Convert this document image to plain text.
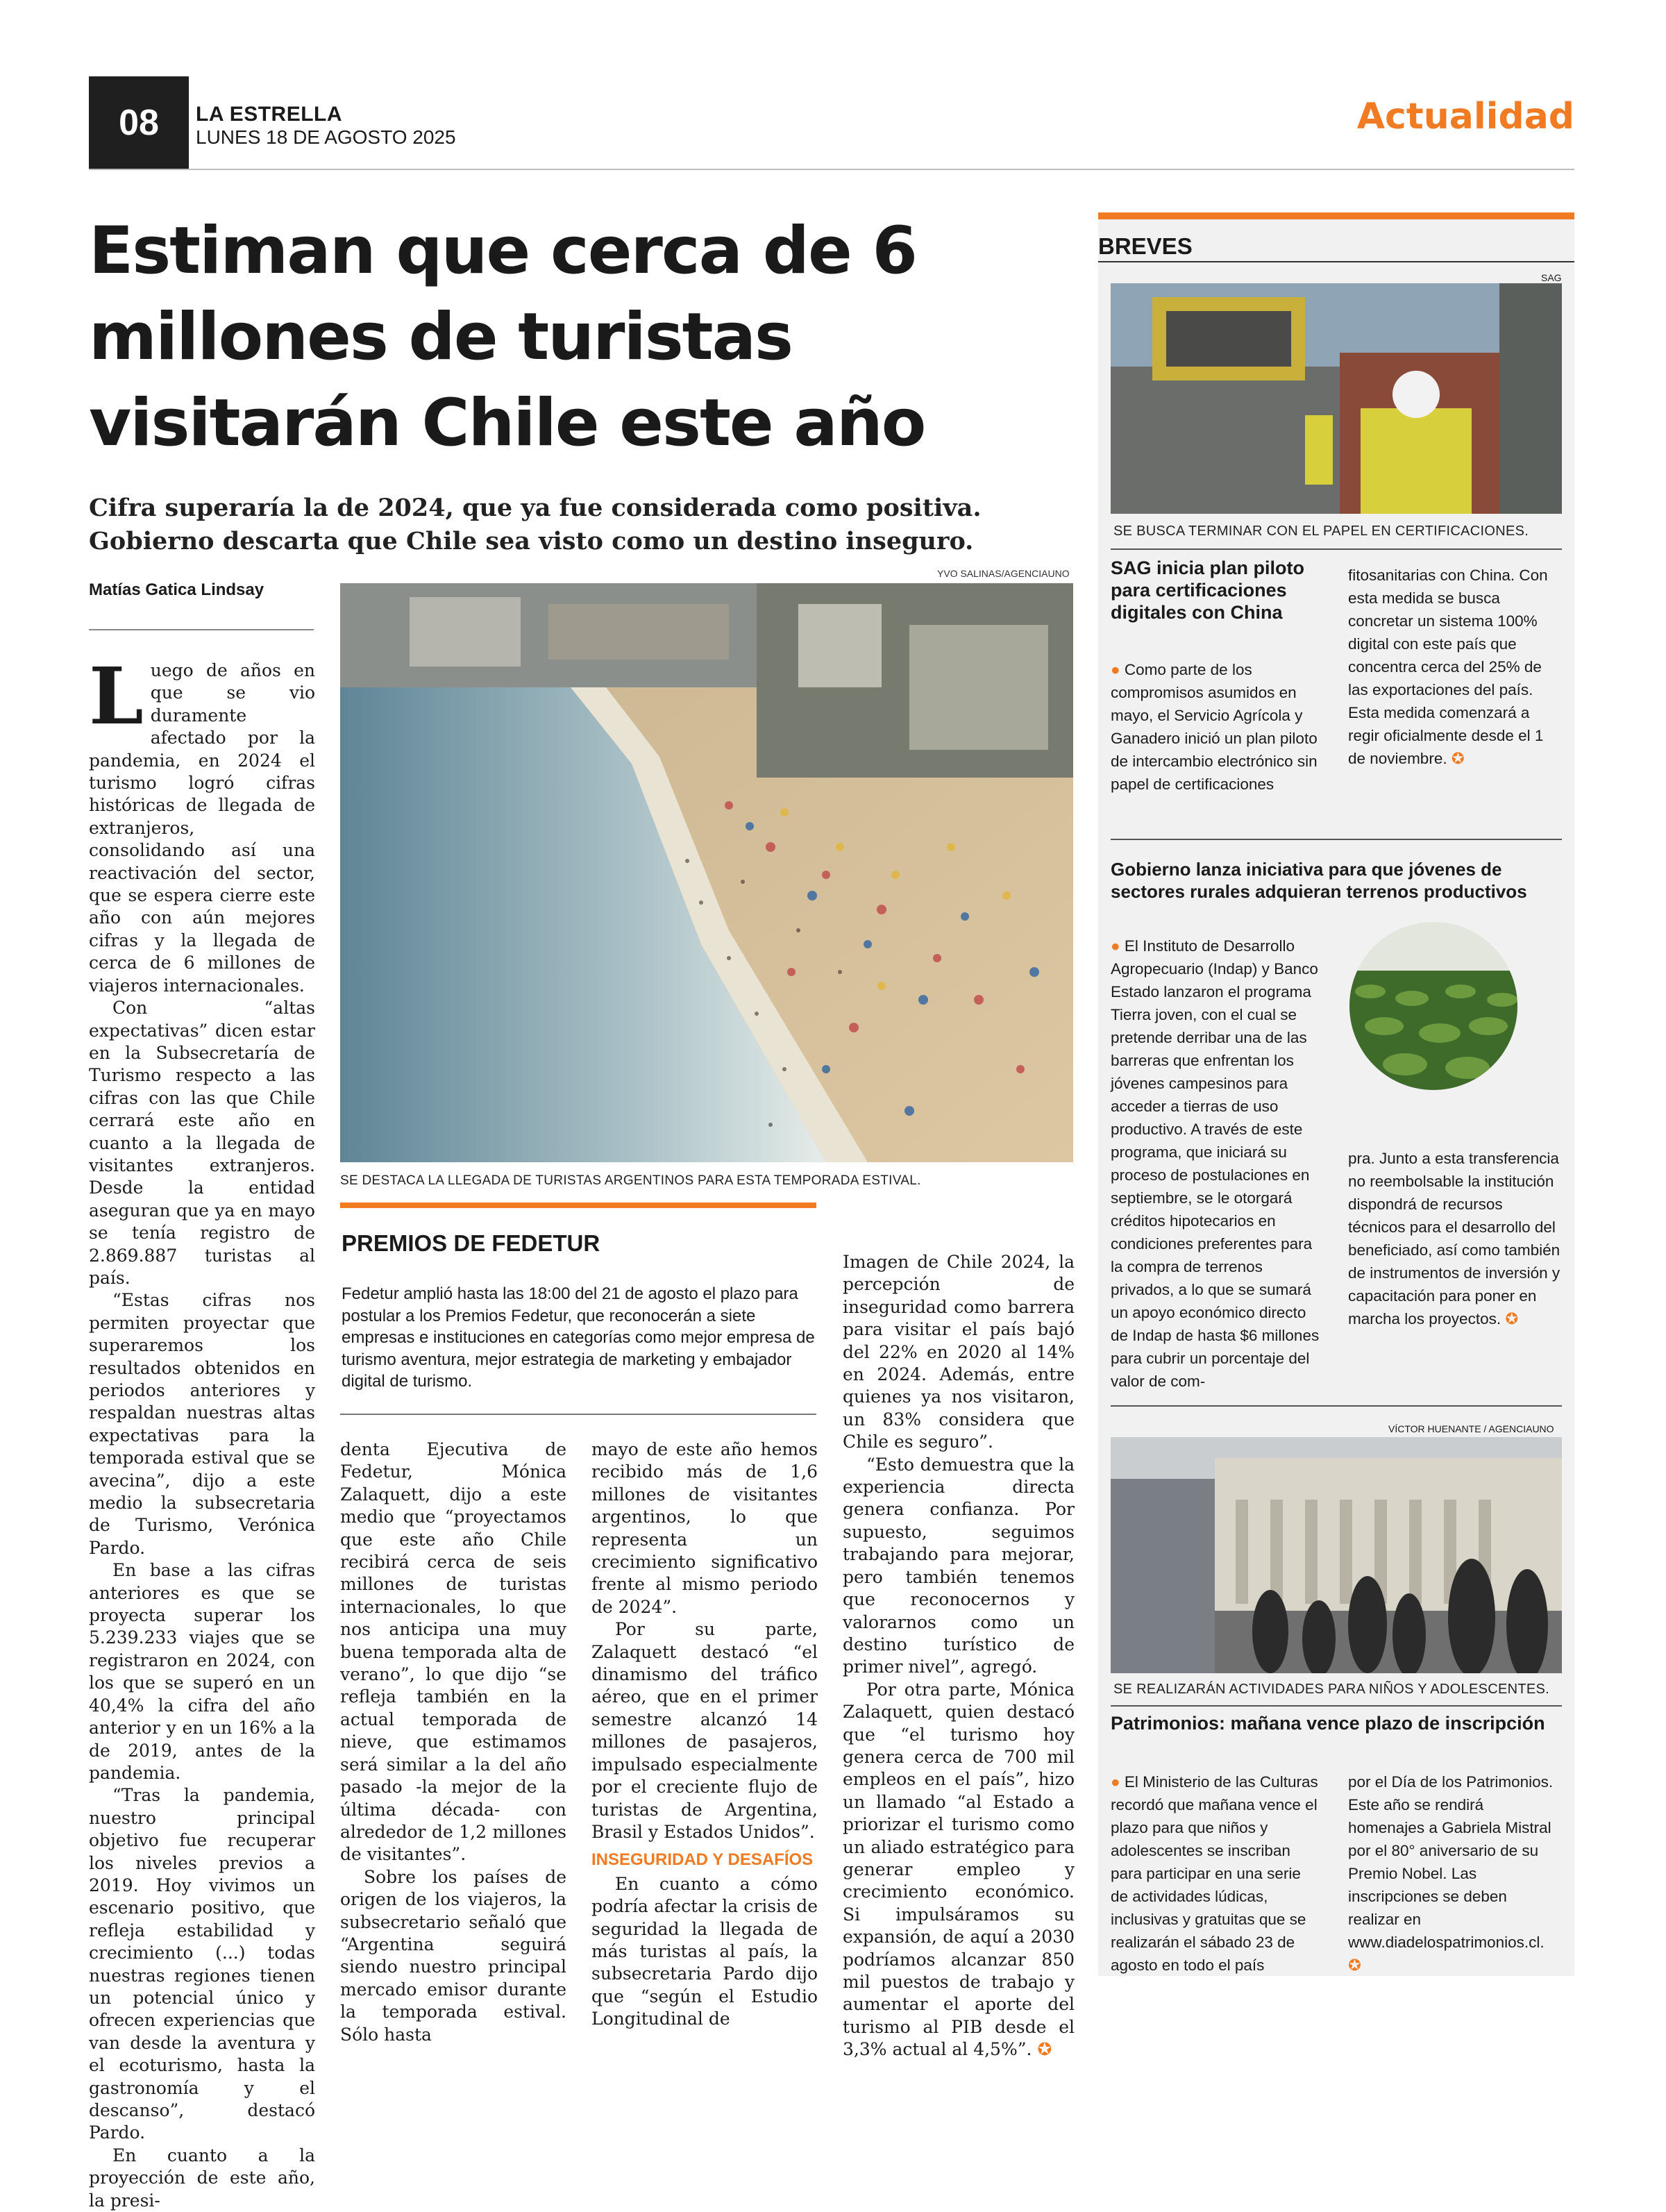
08	LA ESTRELLA
LUNES 18 DE AGOSTO 2025	Actualidad
Estiman que cerca de 6 millones de turistas visitarán Chile este año
Cifra superaría la de 2024, que ya fue considerada como positiva. Gobierno descarta que Chile sea visto como un destino inseguro.
Matías Gatica Lindsay
L uego de años en que se vio duramente afectado por la pandemia, en 2024 el turismo logró cifras históricas de llegada de extranjeros, consolidando así una reactivación del sector, que se espera cierre este año con aún mejores cifras y la llegada de cerca de 6 millones de viajeros internacionales.

Con “altas expectativas” dicen estar en la Subsecretaría de Turismo respecto a las cifras con las que Chile cerrará este año en cuanto a la llegada de visitantes extranjeros. Desde la entidad aseguran que ya en mayo se tenía registro de 2.869.887 turistas al país.

“Estas cifras nos permiten proyectar que superaremos los resultados obtenidos en periodos anteriores y respaldan nuestras altas expectativas para la temporada estival que se avecina”, dijo a este medio la subsecretaria de Turismo, Verónica Pardo.

En base a las cifras anteriores es que se proyecta superar los 5.239.233 viajes que se registraron en 2024, con los que se superó en un 40,4% la cifra del año anterior y en un 16% a la de 2019, antes de la pandemia.

“Tras la pandemia, nuestro principal objetivo fue recuperar los niveles previos a 2019. Hoy vivimos un escenario positivo, que refleja estabilidad y crecimiento (...) todas nuestras regiones tienen un potencial único y ofrecen experiencias que van desde la aventura y el ecoturismo, hasta la gastronomía y el descanso”, destacó Pardo.

En cuanto a la proyección de este año, la presi-

YVO SALINAS/AGENCIAUNO
SE DESTACA LA LLEGADA DE TURISTAS ARGENTINOS PARA ESTA TEMPORADA ESTIVAL.
PREMIOS DE FEDETUR
Fedetur amplió hasta las 18:00 del 21 de agosto el plazo para postular a los Premios Fedetur, que reconocerán a siete empresas e instituciones en categorías como mejor empresa de turismo aventura, mejor estrategia de marketing y embajador digital de turismo.

denta Ejecutiva de Fedetur, Mónica Zalaquett, dijo a este medio que “proyectamos que este año Chile recibirá cerca de seis millones de turistas internacionales, lo que nos anticipa una muy buena temporada alta de verano”, lo que dijo “se refleja también en la actual temporada de nieve, que estimamos será similar a la del año pasado -la mejor de la última década- con alrededor de 1,2 millones de visitantes”.

Sobre los países de origen de los viajeros, la subsecretario señaló que “Argentina seguirá siendo nuestro principal mercado emisor durante la temporada estival. Sólo hasta

mayo de este año hemos recibido más de 1,6 millones de visitantes argentinos, lo que representa un crecimiento significativo frente al mismo periodo de 2024”.

Por su parte, Zalaquett destacó “el dinamismo del tráfico aéreo, que en el primer semestre alcanzó 14 millones de pasajeros, impulsado especialmente por el creciente flujo de turistas de Argentina, Brasil y Estados Unidos”.

INSEGURIDAD Y DESAFÍOS

En cuanto a cómo podría afectar la crisis de seguridad la llegada de más turistas al país, la subsecretaria Pardo dijo que “según el Estudio Longitudinal de

Imagen de Chile 2024, la percepción de inseguridad como barrera para visitar el país bajó del 22% en 2020 al 14% en 2024. Además, entre quienes ya nos visitaron, un 83% considera que Chile es seguro”.

“Esto demuestra que la experiencia directa genera confianza. Por supuesto, seguimos trabajando para mejorar, pero también tenemos que reconocernos y valorarnos como un destino turístico de primer nivel”, agregó.

Por otra parte, Mónica Zalaquett, quien destacó que “el turismo hoy genera cerca de 700 mil empleos en el país”, hizo un llamado “al Estado a priorizar el turismo como un aliado estratégico para generar empleo y crecimiento económico. Si impulsáramos su expansión, de aquí a 2030 podríamos alcanzar 850 mil puestos de trabajo y aumentar el aporte del turismo al PIB desde el 3,3% actual al 4,5%”. ✪

BREVES
SAG
SE BUSCA TERMINAR CON EL PAPEL EN CERTIFICACIONES.
SAG inicia plan piloto para certificaciones digitales con China
● Como parte de los compromisos asumidos en mayo, el Servicio Agrícola y Ganadero inició un plan piloto de intercambio electrónico sin papel de certificaciones
fitosanitarias con China. Con esta medida se busca concretar un sistema 100% digital con este país que concentra cerca del 25% de las exportaciones del país. Esta medida comenzará a regir oficialmente desde el 1 de noviembre. ✪
Gobierno lanza iniciativa para que jóvenes de sectores rurales adquieran terrenos productivos
● El Instituto de Desarrollo Agropecuario (Indap) y Banco Estado lanzaron el programa Tierra joven, con el cual se pretende derribar una de las barreras que enfrentan los jóvenes campesinos para acceder a tierras de uso productivo. A través de este programa, que iniciará su proceso de postulaciones en septiembre, se le otorgará créditos hipotecarios en condiciones preferentes para la compra de terrenos privados, a lo que se sumará un apoyo económico directo de Indap de hasta $6 millones para cubrir un porcentaje del valor de com-
pra. Junto a esta transferencia no reembolsable la institución dispondrá de recursos técnicos para el desarrollo del beneficiado, así como también de instrumentos de inversión y capacitación para poner en marcha los proyectos. ✪
VÍCTOR HUENANTE / AGENCIAUNO
SE REALIZARÁN ACTIVIDADES PARA NIÑOS Y ADOLESCENTES.
Patrimonios: mañana vence plazo de inscripción
● El Ministerio de las Culturas recordó que mañana vence el plazo para que niños y adolescentes se inscriban para participar en una serie de actividades lúdicas, inclusivas y gratuitas que se realizarán el sábado 23 de agosto en todo el país
por el Día de los Patrimonios. Este año se rendirá homenajes a Gabriela Mistral por el 80° aniversario de su Premio Nobel. Las inscripciones se deben realizar en www.diadelospatrimonios.cl. ✪
